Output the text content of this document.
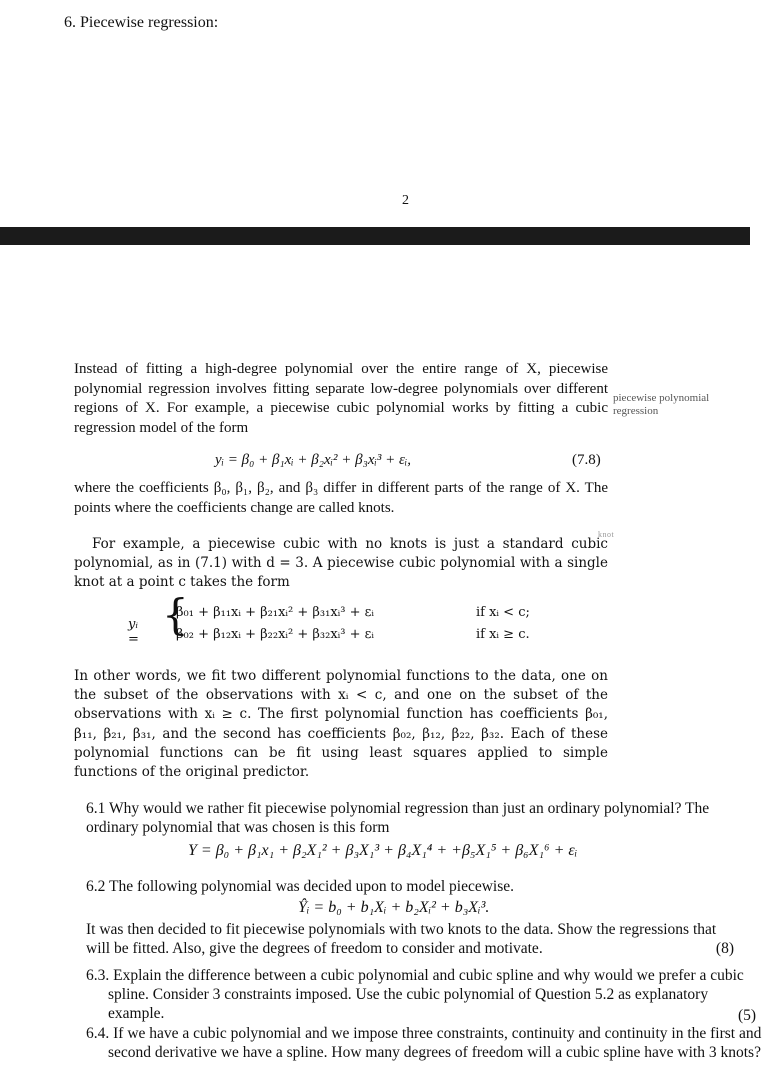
6. Piecewise regression:
2
Instead of fitting a high-degree polynomial over the entire range of X, piecewise polynomial regression involves fitting separate low-degree polynomials over different regions of X. For example, a piecewise cubic polynomial works by fitting a cubic regression model of the form
piecewise polynomial regression
yᵢ = β₀ + β₁xᵢ + β₂xᵢ² + β₃xᵢ³ + εᵢ,	(7.8)
where the coefficients β₀, β₁, β₂, and β₃ differ in different parts of the range of X. The points where the coefficients change are called knots.
knot
For example, a piecewise cubic with no knots is just a standard cubic polynomial, as in (7.1) with d = 3. A piecewise cubic polynomial with a single knot at a point c takes the form
yᵢ =
{
β₀₁ + β₁₁xᵢ + β₂₁xᵢ² + β₃₁xᵢ³ + εᵢ	if xᵢ < c;
β₀₂ + β₁₂xᵢ + β₂₂xᵢ² + β₃₂xᵢ³ + εᵢ	if xᵢ ≥ c.
In other words, we fit two different polynomial functions to the data, one on the subset of the observations with xᵢ < c, and one on the subset of the observations with xᵢ ≥ c. The first polynomial function has coefficients β₀₁, β₁₁, β₂₁, β₃₁, and the second has coefficients β₀₂, β₁₂, β₂₂, β₃₂. Each of these polynomial functions can be fit using least squares applied to simple functions of the original predictor.
6.1 Why would we rather fit piecewise polynomial regression than just an ordinary polynomial? The ordinary polynomial that was chosen is this form
Y = β₀ + β₁x₁ + β₂X₁² + β₃X₁³ + β₄X₁⁴ + +β₅X₁⁵ + β₆X₁⁶ + εᵢ
6.2 The following polynomial was decided upon to model piecewise.
Ŷᵢ = b₀ + b₁Xᵢ + b₂Xᵢ² + b₃Xᵢ³.
It was then decided to fit piecewise polynomials with two knots to the data. Show the regressions that will be fitted. Also, give the degrees of freedom to consider and motivate.	(8)
6.3. Explain the difference between a cubic polynomial and cubic spline and why would we prefer a cubic spline. Consider 3 constraints imposed. Use the cubic polynomial of Question 5.2 as explanatory example.	(5)
6.4. If we have a cubic polynomial and we impose three constraints, continuity and continuity in the first and second derivative we have a spline. How many degrees of freedom will a cubic spline have with 3 knots?
